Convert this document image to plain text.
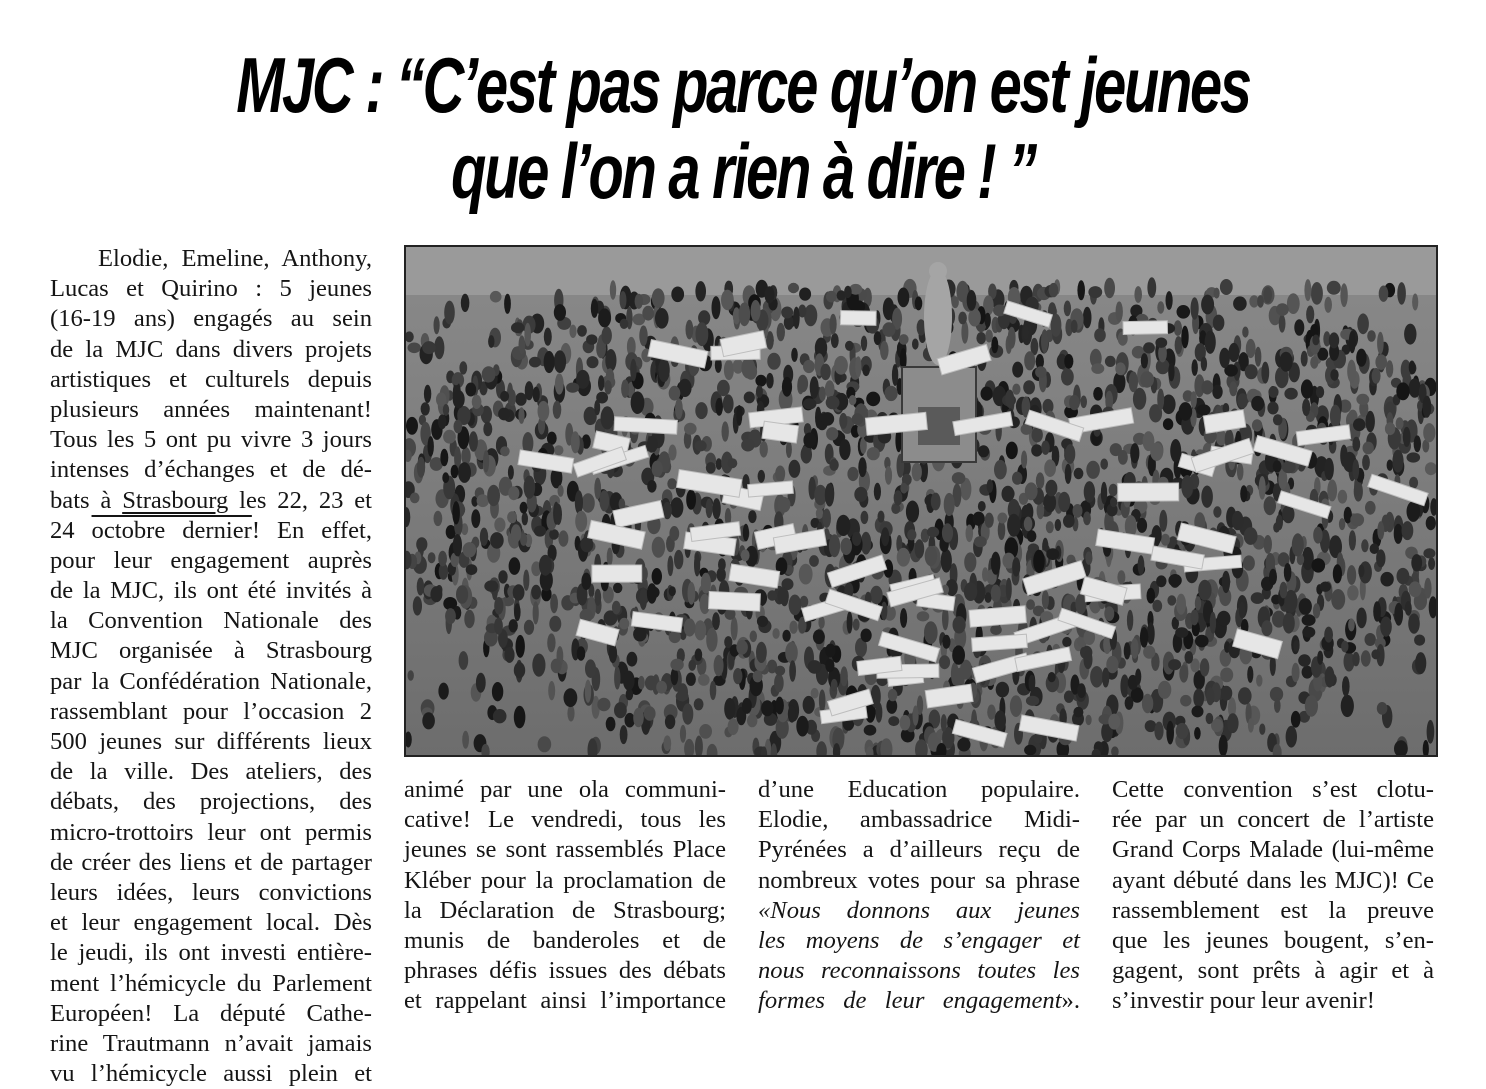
MJC : “C’est pas parce qu’on est jeunes
que l’on a rien à dire ! ”
Elodie, Emeline, Anthony,
Lucas et Quirino : 5 jeunes
(16-19 ans) engagés au sein
de la MJC dans divers projets
artistiques et culturels depuis
plusieurs années maintenant!
Tous les 5 ont pu vivre 3 jours
intenses d’échanges et de dé-
bats à Strasbourg les 22, 23 et
24 octobre dernier! En effet,
pour leur engagement auprès
de la MJC, ils ont été invités à
la Convention Nationale des
MJC organisée à Strasbourg
par la Confédération Nationale,
rassemblant pour l’occasion 2
500 jeunes sur différents lieux
de la ville. Des ateliers, des
débats, des projections, des
micro-trottoirs leur ont permis
de créer des liens et de partager
leurs idées, leurs convictions
et leur engagement local. Dès
le jeudi, ils ont investi entière-
ment l’hémicycle du Parlement
Européen! La député Cathe-
rine Trautmann n’avait jamais
vu l’hémicycle aussi plein et
animé par une ola communi-
cative! Le vendredi, tous les
jeunes se sont rassemblés Place
Kléber pour la proclamation de
la Déclaration de Strasbourg;
munis de banderoles et de
phrases défis issues des débats
et rappelant ainsi l’importance
d’une Education populaire.
Elodie, ambassadrice Midi-
Pyrénées a d’ailleurs reçu de
nombreux votes pour sa phrase
«Nous donnons aux jeunes
les moyens de s’engager et
nous reconnaissons toutes les
formes de leur engagement».
Cette convention s’est clotu-
rée par un concert de l’artiste
Grand Corps Malade (lui-même
ayant débuté dans les MJC)! Ce
rassemblement est la preuve
que les jeunes bougent, s’en-
gagent, sont prêts à agir et à
s’investir pour leur avenir!
